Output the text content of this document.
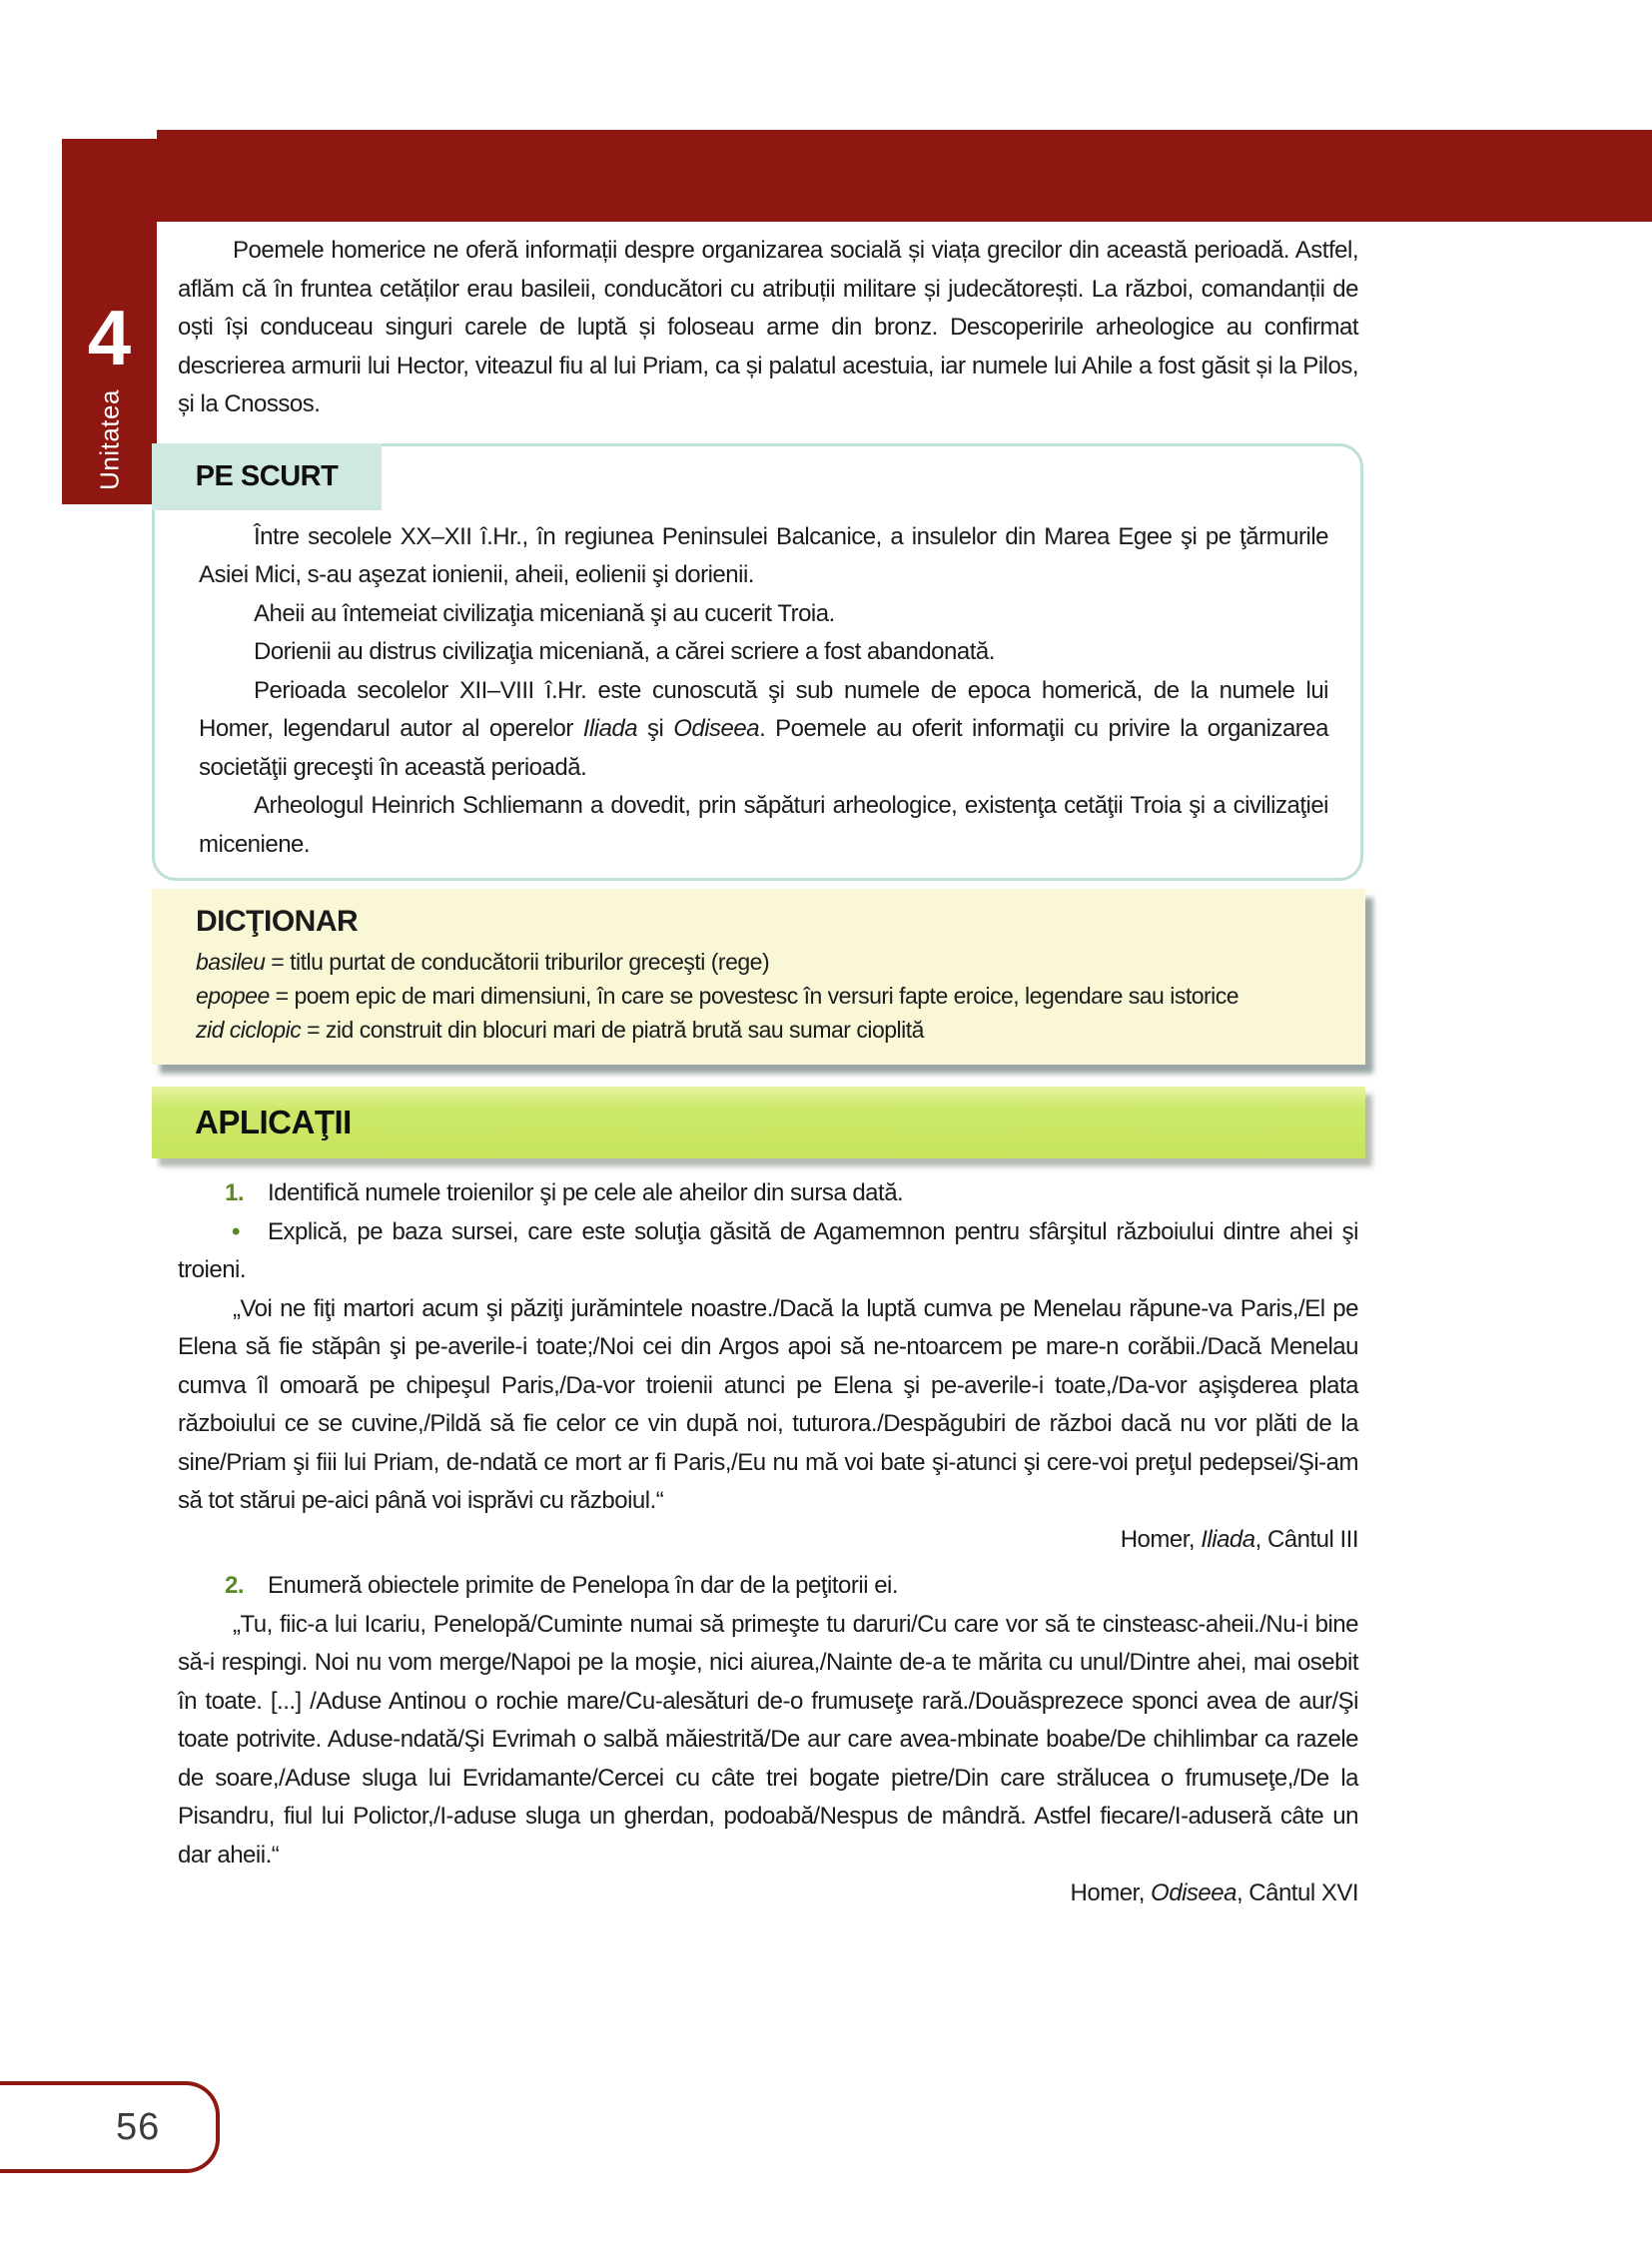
4
Unitatea

Poemele homerice ne oferă informații despre organizarea socială și viața grecilor din această perioadă. Astfel, aflăm că în fruntea cetăților erau basileii, conducători cu atribuții militare și judecătorești. La război, comandanții de oști își conduceau singuri carele de luptă și foloseau arme din bronz. Descoperirile arheologice au confirmat descrierea armurii lui Hector, viteazul fiu al lui Priam, ca și palatul acestuia, iar numele lui Ahile a fost găsit și la Pilos, și la Cnossos.

PE SCURT

Între secolele XX–XII î.Hr., în regiunea Peninsulei Balcanice, a insulelor din Marea Egee şi pe ţărmurile Asiei Mici, s-au aşezat ionienii, aheii, eolienii şi dorienii.

Aheii au întemeiat civilizaţia miceniană şi au cucerit Troia.

Dorienii au distrus civilizaţia miceniană, a cărei scriere a fost abandonată.

Perioada secolelor XII–VIII î.Hr. este cunoscută şi sub numele de epoca homerică, de la numele lui Homer, legendarul autor al operelor Iliada şi Odiseea. Poemele au oferit informaţii cu privire la organizarea societăţii greceşti în această perioadă.

Arheologul Heinrich Schliemann a dovedit, prin săpături arheologice, existenţa cetăţii Troia şi a civilizaţiei miceniene.

DICŢIONAR

basileu = titlu purtat de conducătorii triburilor greceşti (rege)

epopee = poem epic de mari dimensiuni, în care se povestesc în versuri fapte eroice, legendare sau istorice

zid ciclopic = zid construit din blocuri mari de piatră brută sau sumar cioplită

APLICAŢII

1. Identifică numele troienilor şi pe cele ale aheilor din sursa dată.

• Explică, pe baza sursei, care este soluţia găsită de Agamemnon pentru sfârşitul războiului dintre ahei şi troieni.

„Voi ne fiţi martori acum şi păziţi jurămintele noastre./Dacă la luptă cumva pe Menelau răpune-va Paris,/El pe Elena să fie stăpân şi pe-averile-i toate;/Noi cei din Argos apoi să ne-ntoarcem pe mare-n corăbii./Dacă Menelau cumva îl omoară pe chipeşul Paris,/Da-vor troienii atunci pe Elena şi pe-averile-i toate,/Da-vor aşişderea plata războiului ce se cuvine,/Pildă să fie celor ce vin după noi, tuturora./Despăgubiri de război dacă nu vor plăti de la sine/Priam şi fiii lui Priam, de-ndată ce mort ar fi Paris,/Eu nu mă voi bate şi-atunci şi cere-voi preţul pedepsei/Şi-am să tot stărui pe-aici până voi isprăvi cu războiul.“

Homer, Iliada, Cântul III

2. Enumeră obiectele primite de Penelopa în dar de la peţitorii ei.

„Tu, fiic-a lui Icariu, Penelopă/Cuminte numai să primeşte tu daruri/Cu care vor să te cinsteasc-aheii./Nu-i bine să-i respingi. Noi nu vom merge/Napoi pe la moşie, nici aiurea,/Nainte de-a te mărita cu unul/Dintre ahei, mai osebit în toate. [...] /Aduse Antinou o rochie mare/Cu-alesături de-o frumuseţe rară./Douăsprezece sponci avea de aur/Şi toate potrivite. Aduse-ndată/Şi Evrimah o salbă măiestrită/De aur care avea-mbinate boabe/De chihlimbar ca razele de soare,/Aduse sluga lui Evridamante/Cercei cu câte trei bogate pietre/Din care strălucea o frumuseţe,/De la Pisandru, fiul lui Polictor,/I-aduse sluga un gherdan, podoabă/Nespus de mândră. Astfel fiecare/I-aduseră câte un dar aheii.“

Homer, Odiseea, Cântul XVI

56
